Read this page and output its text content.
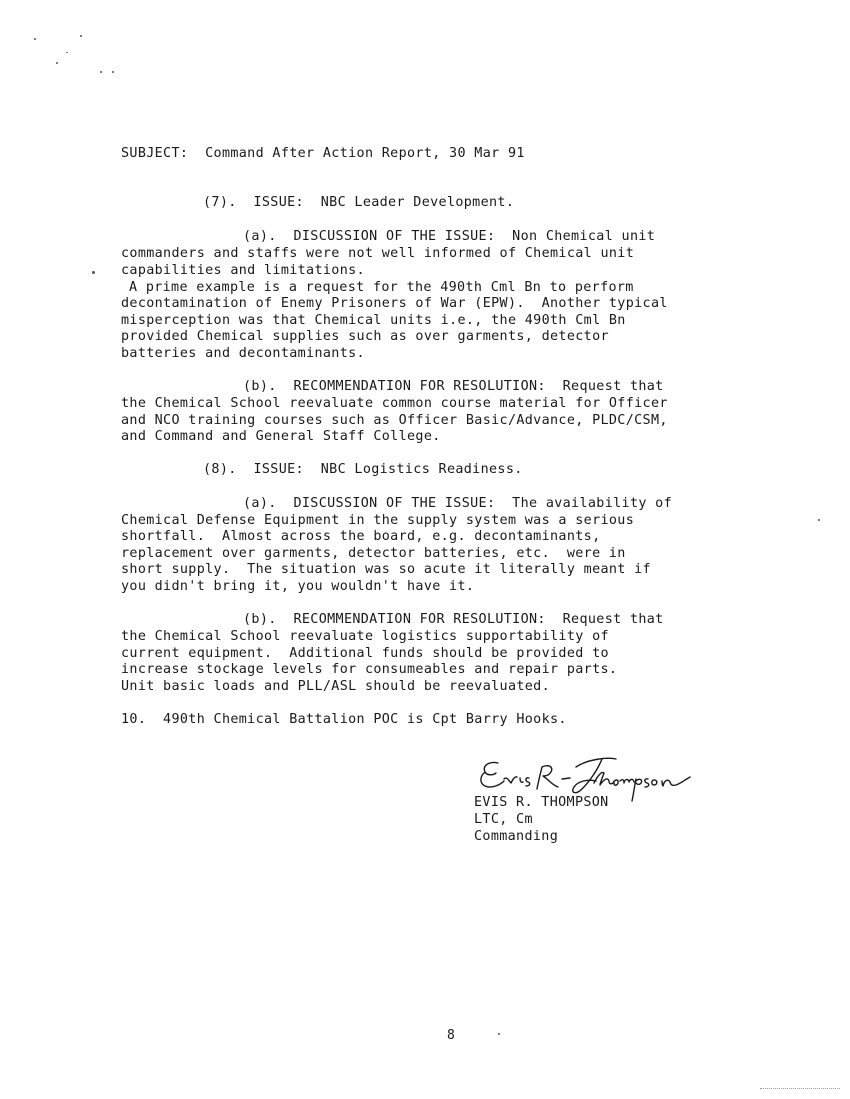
SUBJECT:  Command After Action Report, 30 Mar 91
(7).  ISSUE:  NBC Leader Development.
(a).  DISCUSSION OF THE ISSUE:  Non Chemical unit
commanders and staffs were not well informed of Chemical unit
capabilities and limitations.
A prime example is a request for the 490th Cml Bn to perform
decontamination of Enemy Prisoners of War (EPW).  Another typical
misperception was that Chemical units i.e., the 490th Cml Bn
provided Chemical supplies such as over garments, detector
batteries and decontaminants.
(b).  RECOMMENDATION FOR RESOLUTION:  Request that
the Chemical School reevaluate common course material for Officer
and NCO training courses such as Officer Basic/Advance, PLDC/CSM,
and Command and General Staff College.
(8).  ISSUE:  NBC Logistics Readiness.
(a).  DISCUSSION OF THE ISSUE:  The availability of
Chemical Defense Equipment in the supply system was a serious
shortfall.  Almost across the board, e.g. decontaminants,
replacement over garments, detector batteries, etc.  were in
short supply.  The situation was so acute it literally meant if
you didn't bring it, you wouldn't have it.
(b).  RECOMMENDATION FOR RESOLUTION:  Request that
the Chemical School reevaluate logistics supportability of
current equipment.  Additional funds should be provided to
increase stockage levels for consumeables and repair parts.
Unit basic loads and PLL/ASL should be reevaluated.
10.  490th Chemical Battalion POC is Cpt Barry Hooks.
EVIS R. THOMPSON
LTC, Cm
Commanding
8
